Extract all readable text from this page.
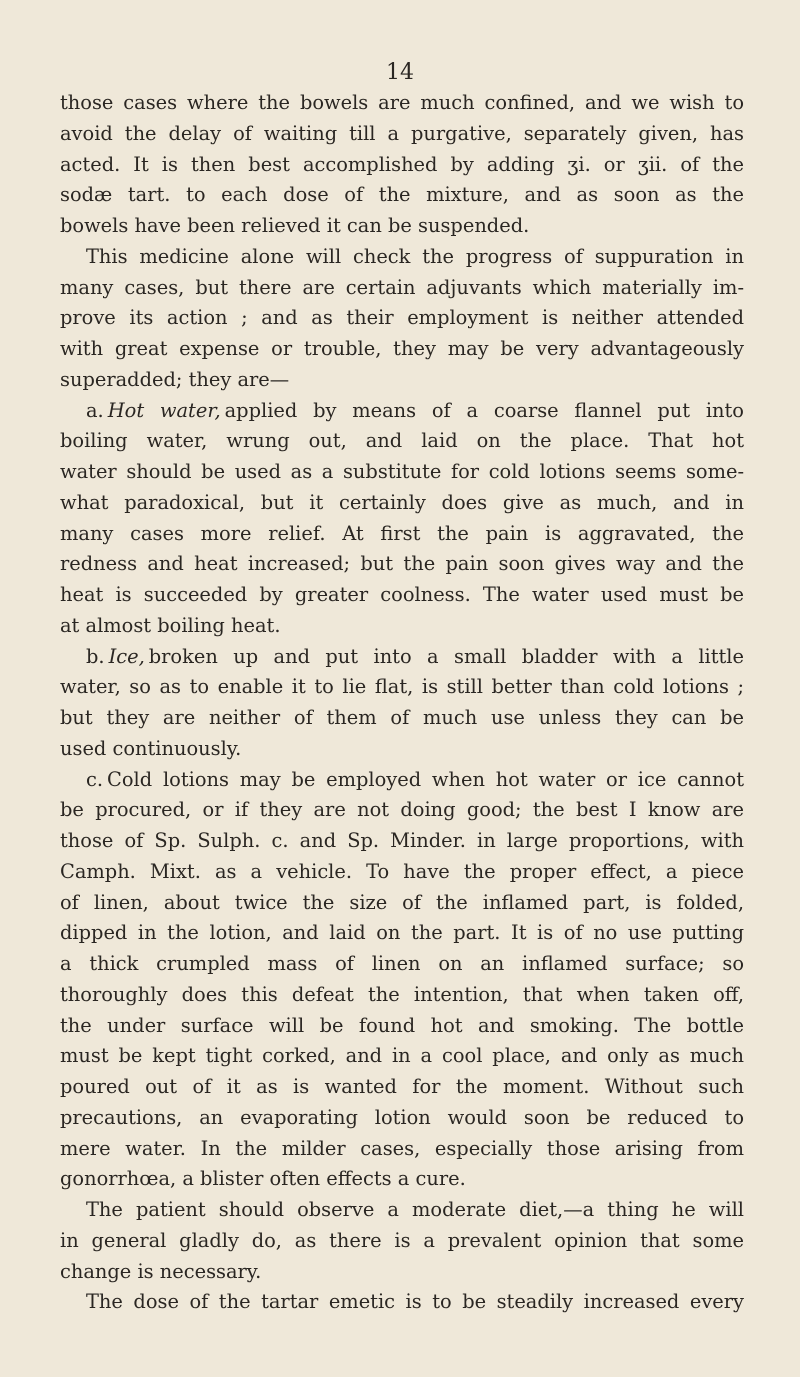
14

those cases where the bowels are much confined, and we wish to
avoid the delay of waiting till a purgative, separately given, has
acted. It is then best accomplished by adding ʒi. or ʒii. of the
sodæ tart. to each dose of the mixture, and as soon as the
bowels have been relieved it can be suspended.
This medicine alone will check the progress of suppuration in
many cases, but there are certain adjuvants which materially im-
prove its action ; and as their employment is neither attended
with great expense or trouble, they may be very advantageously
superadded; they are—
a. Hot water, applied by means of a coarse flannel put into
boiling water, wrung out, and laid on the place. That hot
water should be used as a substitute for cold lotions seems some-
what paradoxical, but it certainly does give as much, and in
many cases more relief. At first the pain is aggravated, the
redness and heat increased; but the pain soon gives way and the
heat is succeeded by greater coolness. The water used must be
at almost boiling heat.
b. Ice, broken up and put into a small bladder with a little
water, so as to enable it to lie flat, is still better than cold lotions ;
but they are neither of them of much use unless they can be
used continuously.
c. Cold lotions may be employed when hot water or ice cannot
be procured, or if they are not doing good; the best I know are
those of Sp. Sulph. c. and Sp. Minder. in large proportions, with
Camph. Mixt. as a vehicle. To have the proper effect, a piece
of linen, about twice the size of the inflamed part, is folded,
dipped in the lotion, and laid on the part. It is of no use putting
a thick crumpled mass of linen on an inflamed surface; so
thoroughly does this defeat the intention, that when taken off,
the under surface will be found hot and smoking. The bottle
must be kept tight corked, and in a cool place, and only as much
poured out of it as is wanted for the moment. Without such
precautions, an evaporating lotion would soon be reduced to
mere water. In the milder cases, especially those arising from
gonorrhœa, a blister often effects a cure.
The patient should observe a moderate diet,—a thing he will
in general gladly do, as there is a prevalent opinion that some
change is necessary.
The dose of the tartar emetic is to be steadily increased every
